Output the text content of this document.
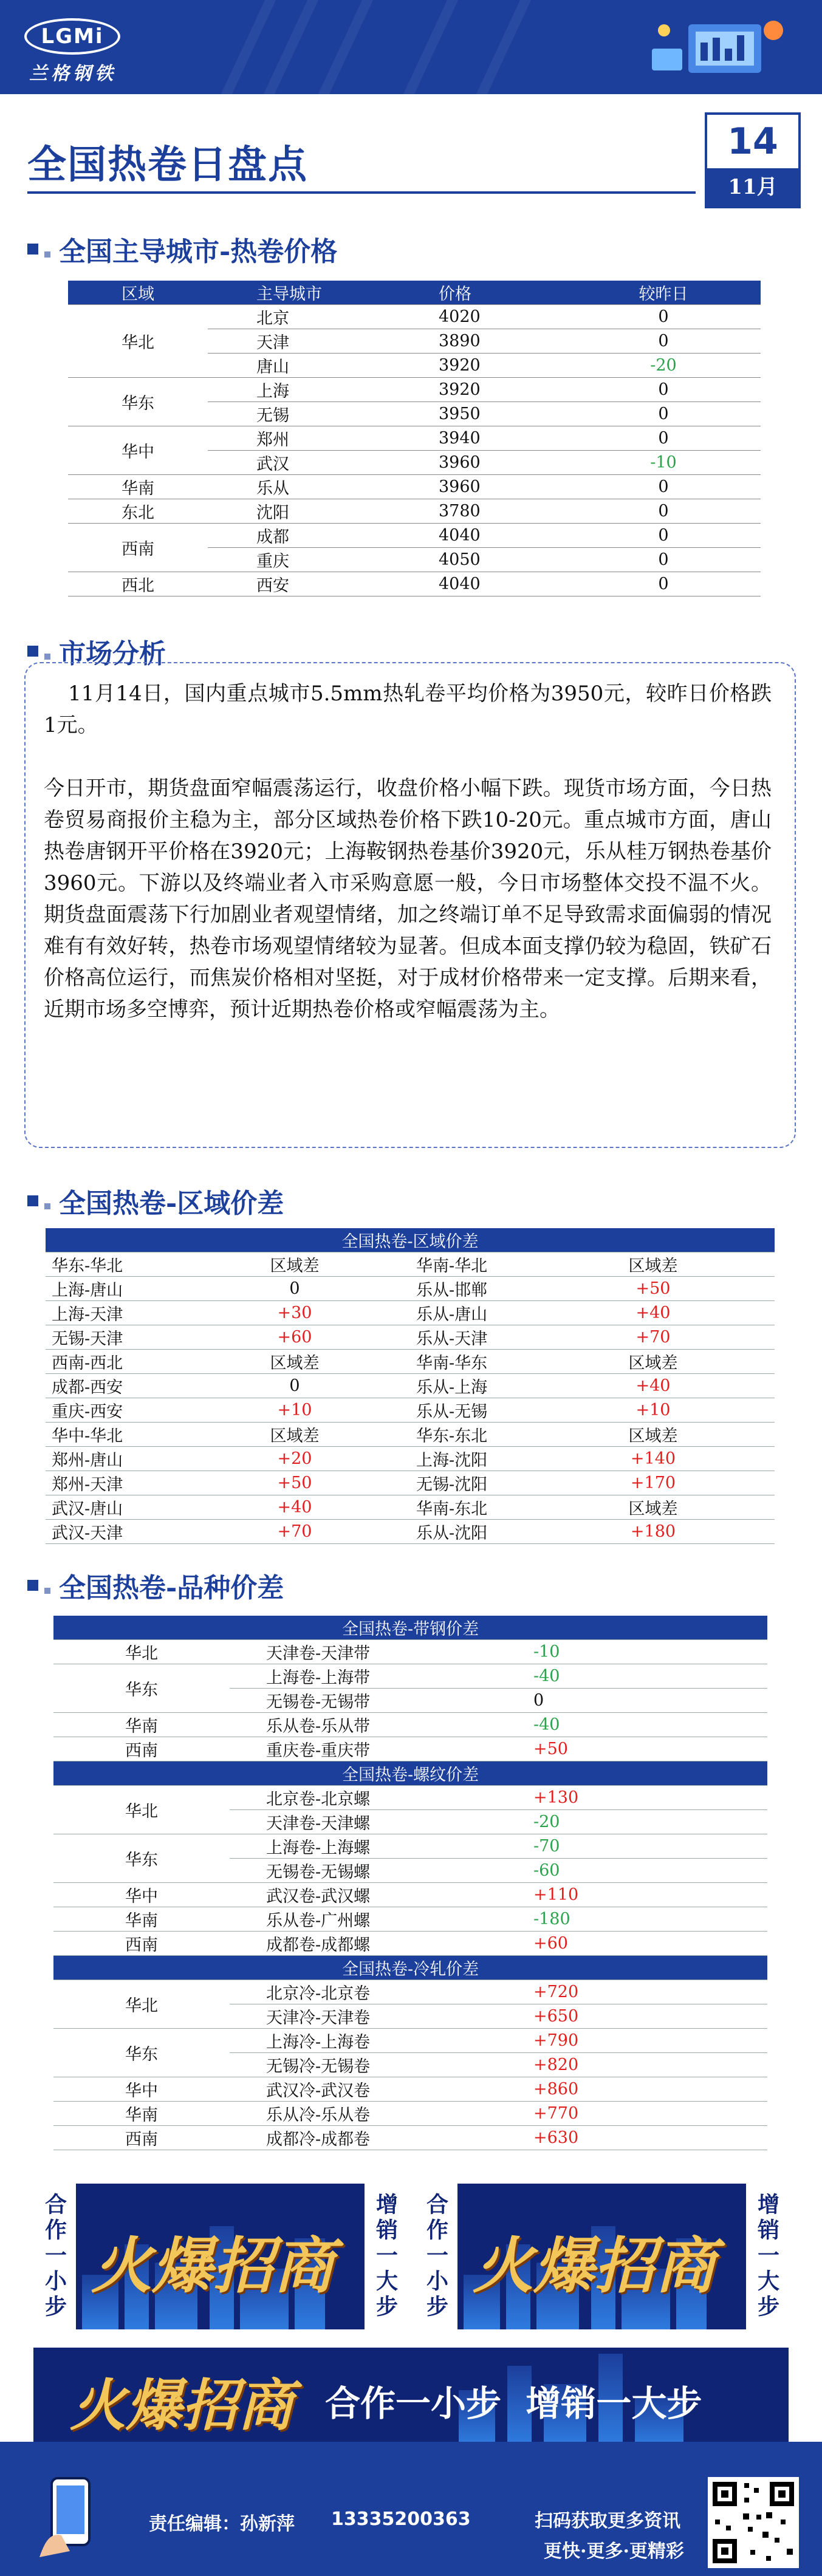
LGMi
兰格钢铁
全国热卷日盘点
14
11月
全国主导城市-热卷价格
区域	主导城市	价格	较昨日
华北	北京	4020	0
	天津	3890	0
	唐山	3920	-20
华东	上海	3920	0
	无锡	3950	0
华中	郑州	3940	0
	武汉	3960	-10
华南	乐从	3960	0
东北	沈阳	3780	0
西南	成都	4040	0
	重庆	4050	0
西北	西安	4040	0
市场分析
11月14日，国内重点城市5.5mm热轧卷平均价格为3950元，较昨日价格跌1元。
今日开市，期货盘面窄幅震荡运行，收盘价格小幅下跌。现货市场方面，今日热卷贸易商报价主稳为主，部分区域热卷价格下跌10-20元。重点城市方面，唐山热卷唐钢开平价格在3920元；上海鞍钢热卷基价3920元，乐从桂万钢热卷基价3960元。下游以及终端业者入市采购意愿一般，今日市场整体交投不温不火。期货盘面震荡下行加剧业者观望情绪，加之终端订单不足导致需求面偏弱的情况难有有效好转，热卷市场观望情绪较为显著。但成本面支撑仍较为稳固，铁矿石价格高位运行，而焦炭价格相对坚挺，对于成材价格带来一定支撑。后期来看，近期市场多空博弈，预计近期热卷价格或窄幅震荡为主。
全国热卷-区域价差
全国热卷-区域价差			
华东-华北	区域差	华南-华北	区域差
上海-唐山	0	乐从-邯郸	+50
上海-天津	+30	乐从-唐山	+40
无锡-天津	+60	乐从-天津	+70
西南-西北	区域差	华南-华东	区域差
成都-西安	0	乐从-上海	+40
重庆-西安	+10	乐从-无锡	+10
华中-华北	区域差	华东-东北	区域差
郑州-唐山	+20	上海-沈阳	+140
郑州-天津	+50	无锡-沈阳	+170
武汉-唐山	+40	华南-东北	区域差
武汉-天津	+70	乐从-沈阳	+180
全国热卷-品种价差
全国热卷-带钢价差		
华北	天津卷-天津带	-10
华东	上海卷-上海带	-40
	无锡卷-无锡带	0
华南	乐从卷-乐从带	-40
西南	重庆卷-重庆带	+50
全国热卷-螺纹价差		
华北	北京卷-北京螺	+130
	天津卷-天津螺	-20
华东	上海卷-上海螺	-70
	无锡卷-无锡螺	-60
华中	武汉卷-武汉螺	+110
华南	乐从卷-广州螺	-180
西南	成都卷-成都螺	+60
全国热卷-冷轧价差		
华北	北京冷-北京卷	+720
	天津冷-天津卷	+650
华东	上海冷-上海卷	+790
	无锡冷-无锡卷	+820
华中	武汉冷-武汉卷	+860
华南	乐从冷-乐从卷	+770
西南	成都冷-成都卷	+630
合作一小步 火爆招商	增销一大步	合作一小步 火爆招商	增销一大步
火爆招商 合作一小步  增销一大步
责任编辑：孙新萍 13335200363	扫码获取更多资讯
更快·更多·更精彩
